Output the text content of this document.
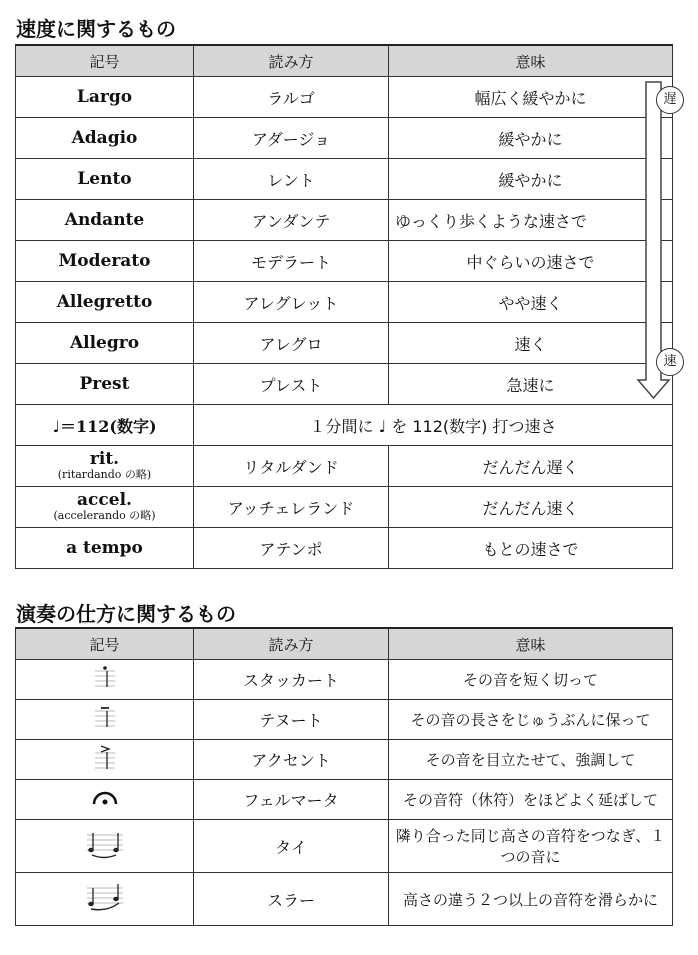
速度に関するもの
記号	読み方	意味
Largo	ラルゴ	幅広く緩やかに
Adagio	アダージョ	緩やかに
Lento	レント	緩やかに
Andante	アンダンテ	ゆっくり歩くような速さで
Moderato	モデラート	中ぐらいの速さで
Allegretto	アレグレット	やや速く
Allegro	アレグロ	速く
Prest	プレスト	急速に
♩＝112(数字)	１分間に ♩ を 112(数字) 打つ速さ	

rit.
(ritardando の略)	リタルダンド	だんだん遅く

accel.
(accelerando の略)	アッチェレランド	だんだん速く
a tempo	アテンポ	もとの速さで
遅
速
演奏の仕方に関するもの
記号	読み方	意味
	スタッカート	その音を短く切って
	テヌート	その音の長さをじゅうぶんに保って
	アクセント	その音を目立たせて、強調して
	フェルマータ	その音符（休符）をほどよく延ばして
	タイ	隣り合った同じ高さの音符をつなぎ、１つの音に
	スラー	高さの違う２つ以上の音符を滑らかに
